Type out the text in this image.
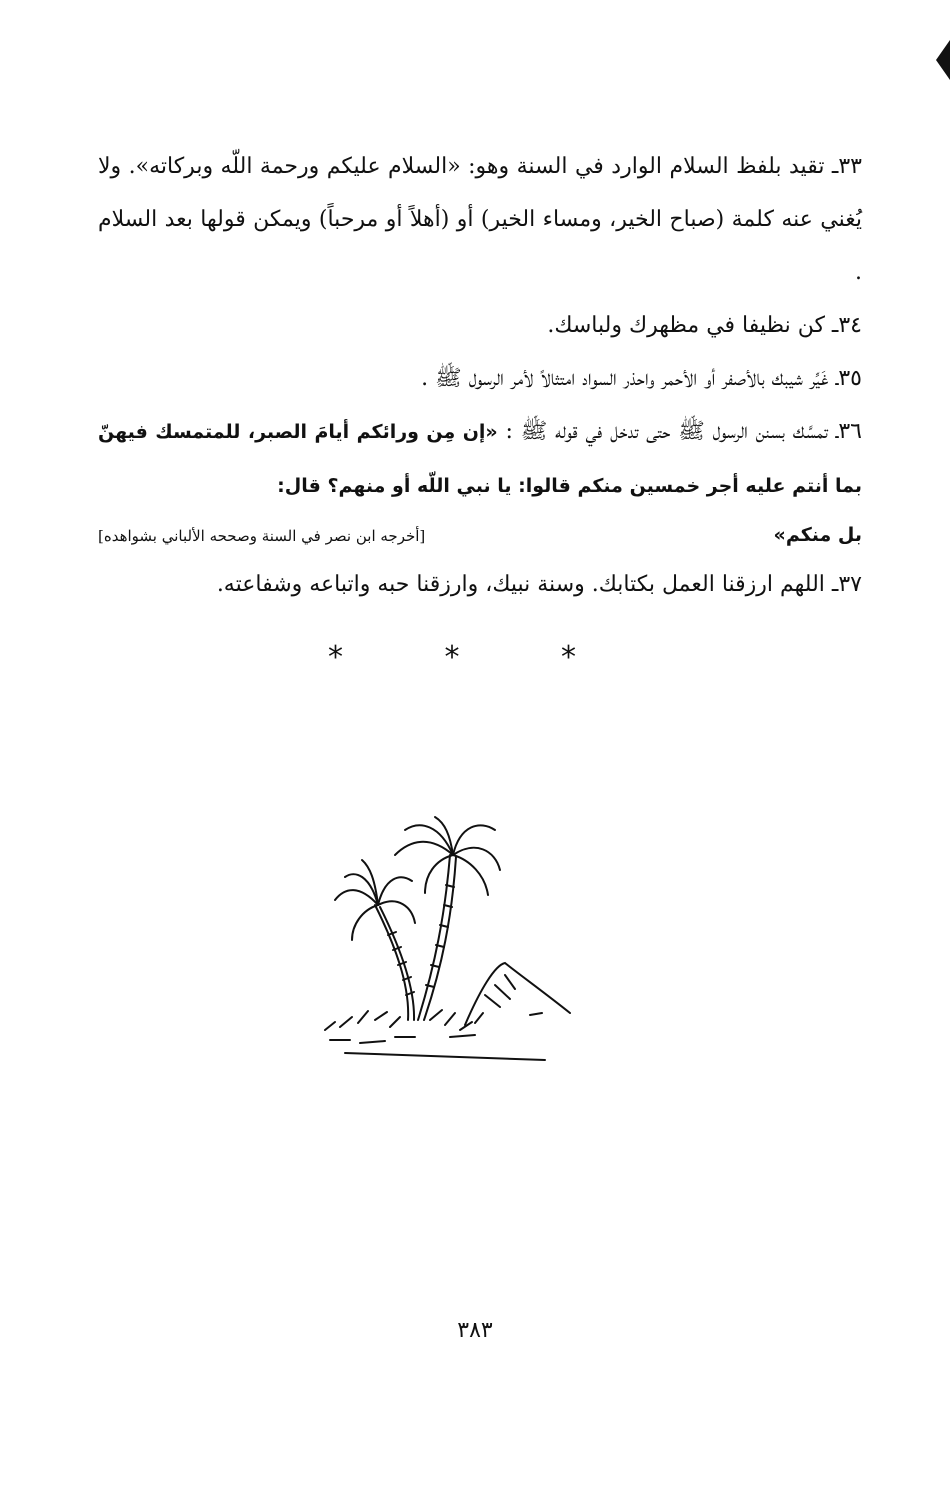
٣٣ـ تقيد بلفظ السلام الوارد في السنة وهو: «السلام عليكم ورحمة اللّه وبركاته». ولا يُغني عنه كلمة (صباح الخير، ومساء الخير) أو (أهلاً أو مرحباً) ويمكن قولها بعد السلام .

٣٤ـ كن نظيفا في مظهرك ولباسك.

٣٥ـ غَيِّر شيبك بالأصفر أو الأحمر واحذر السواد امتثالاً لأمر الرسول ﷺ .

٣٦ـ تمسَّك بسنن الرسول ﷺ حتى تدخل في قوله ﷺ : «إن مِن ورائكم أيامَ الصبر، للمتمسك فيهنّ بما أنتم عليه أجر خمسين منكم قالوا: يا نبي اللّه أو منهم؟ قال:

بل منكم»
[أخرجه ابن نصر في السنة وصححه الألباني بشواهده]

٣٧ـ اللهم ارزقنا العمل بكتابك. وسنة نبيك، وارزقنا حبه واتباعه وشفاعته.

* * *
٣٨٣
